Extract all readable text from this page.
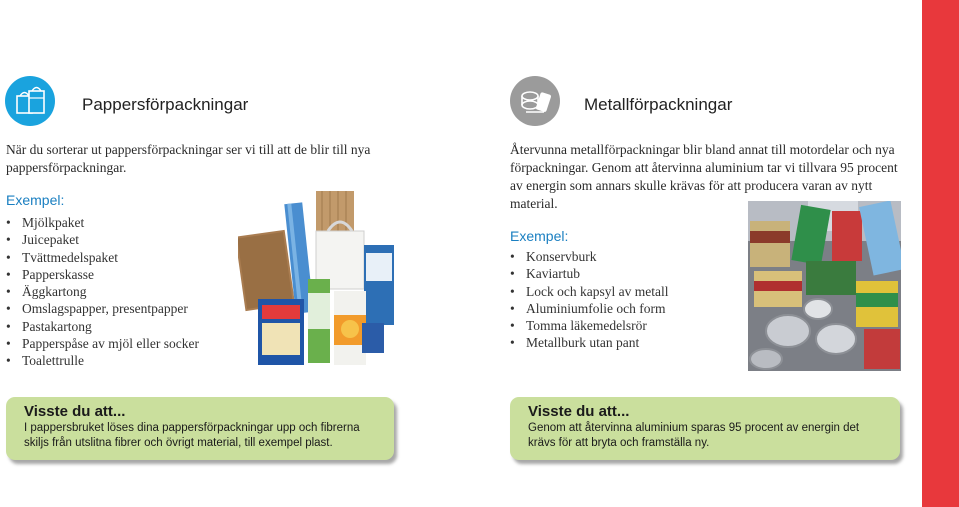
Pappersförpackningar

När du sorterar ut pappersförpackningar ser vi till att de blir till nya pappersförpackningar.

Exempel:

• Mjölkpaket
• Juicepaket
• Tvättmedelspaket
• Papperskasse
• Äggkartong
• Omslagspapper, presentpapper
• Pastakartong
• Papperspåse av mjöl eller socker
• Toalettrulle

Visste du att...

I pappersbruket löses dina pappersförpackningar upp och fibrerna skiljs från utslitna fibrer och övrigt material, till exempel plast.

Metallförpackningar

Återvunna metallförpackningar blir bland annat till motordelar och nya förpackningar. Genom att återvinna aluminium tar vi tillvara 95 procent av energin som annars skulle krävas för att producera varan av nytt material.

Exempel:

• Konservburk
• Kaviartub
• Lock och kapsyl av metall
• Aluminiumfolie och form
• Tomma läkemedelsrör
• Metallburk utan pant

Visste du att...

Genom att återvinna aluminium sparas 95 procent av energin det krävs för att bryta och framställa ny.
